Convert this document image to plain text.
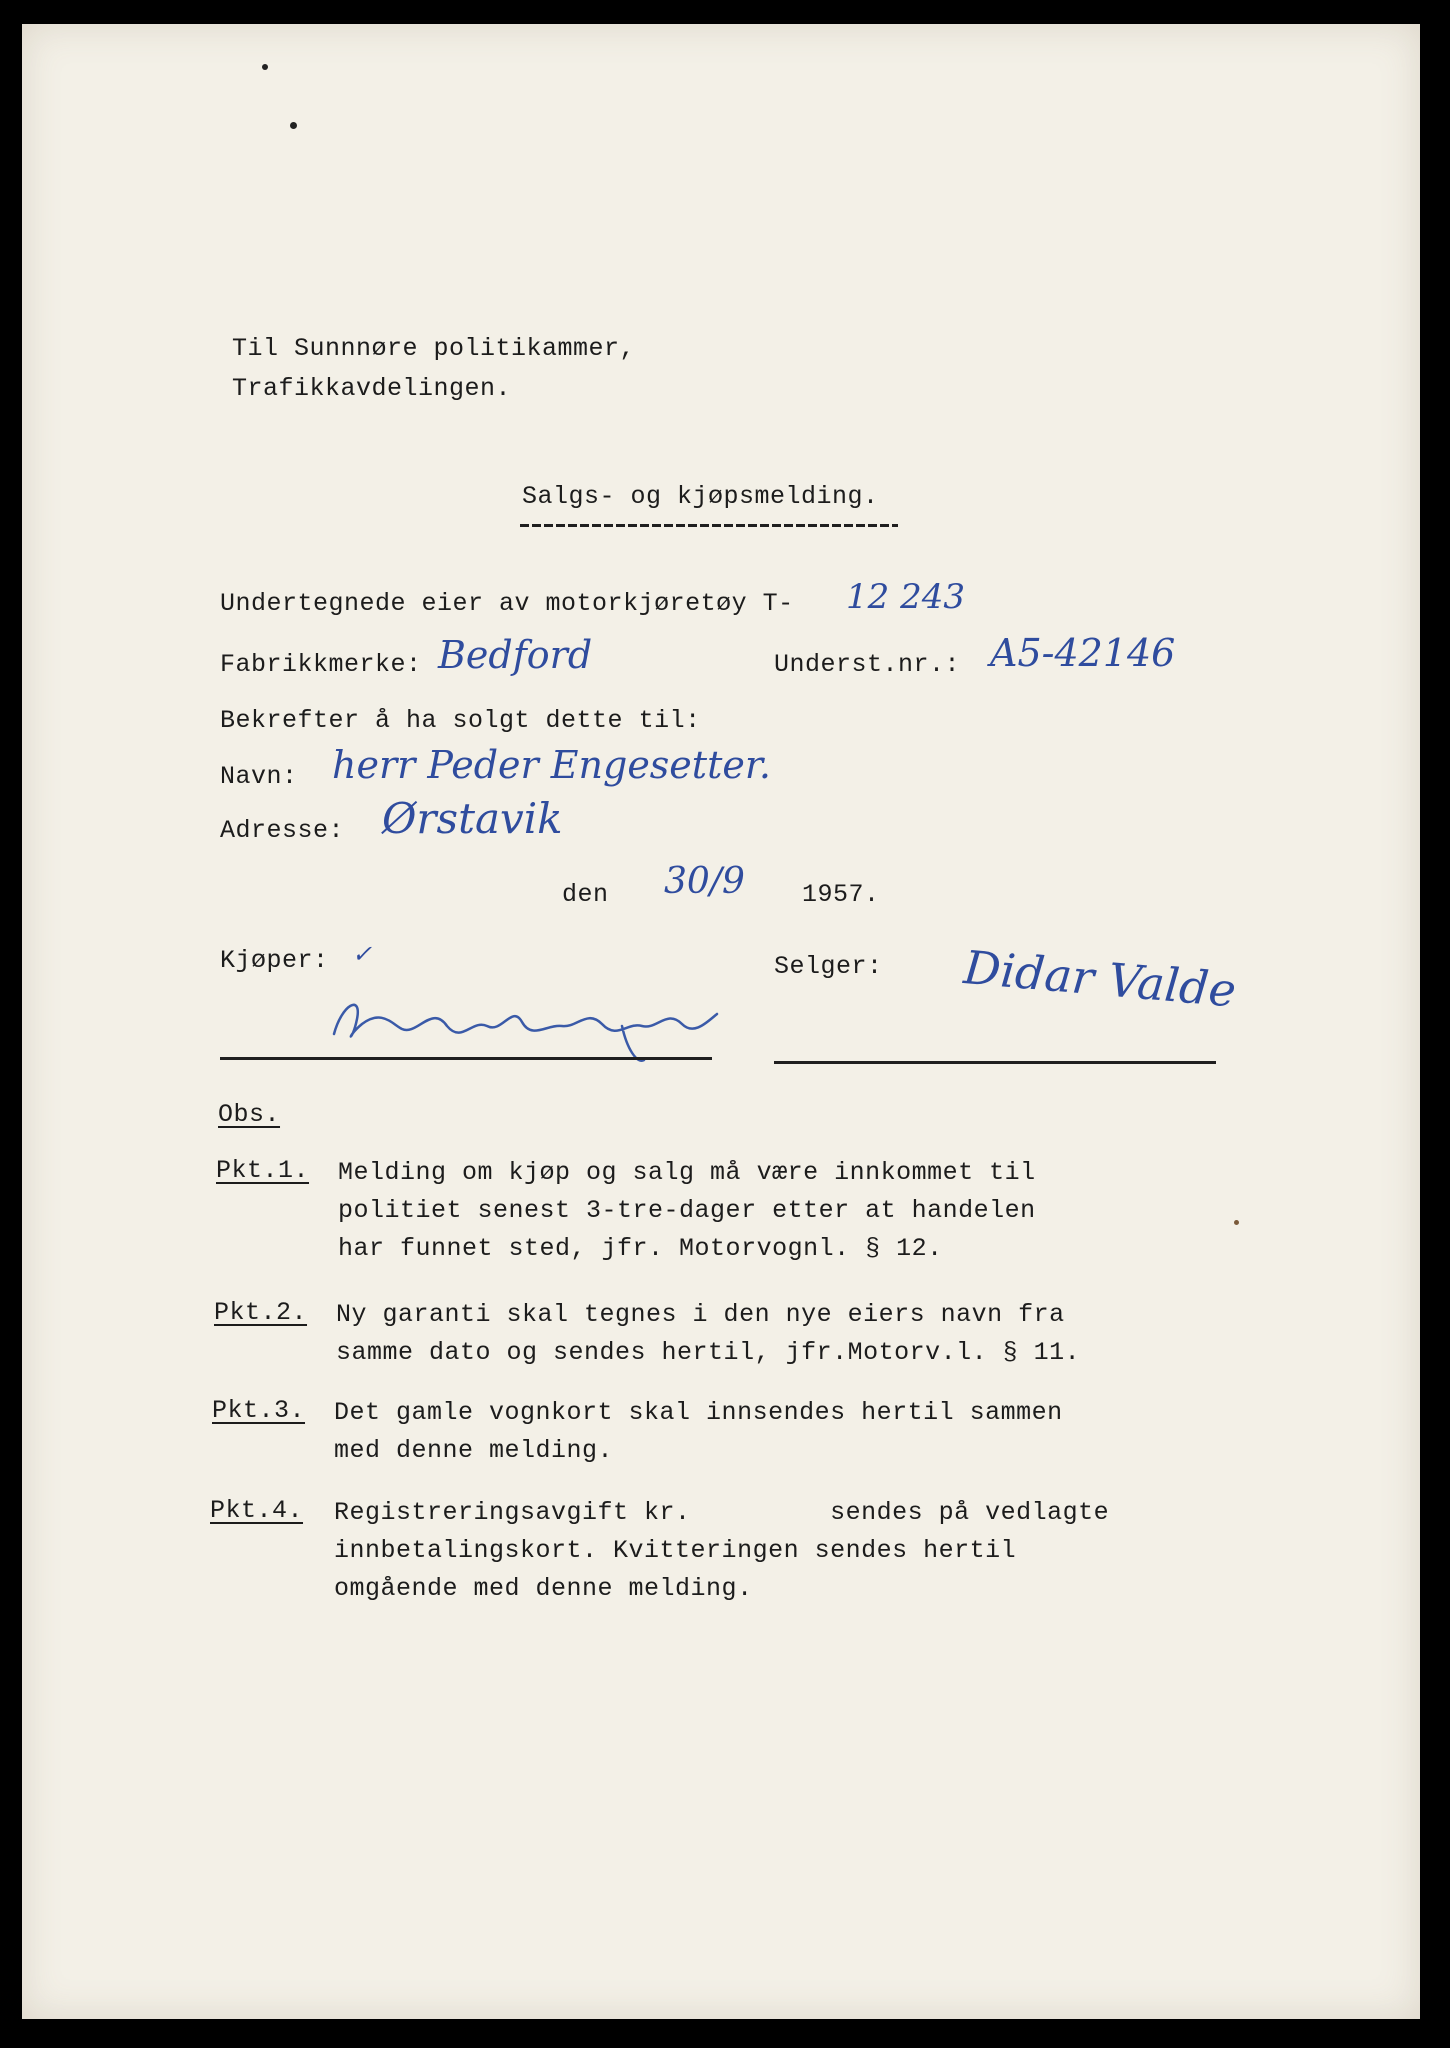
Til Sunnnøre politikammer,
Trafikkavdelingen.
Salgs- og kjøpsmelding.
Undertegnede eier av motorkjøretøy T- 12 243
Fabrikkmerke: Bedford	Underst.nr.: A5-42146
Bekrefter å ha solgt dette til:
Navn: herr Peder Engesetter.
Adresse: Ørstavik
den 30/9 1957.
Kjøper: ✓	Selger: Didar Valde
Obs.
Pkt.1. Melding om kjøp og salg må være innkommet til
politiet senest 3-tre-dager etter at handelen
har funnet sted, jfr. Motorvognl. § 12.
Pkt.2. Ny garanti skal tegnes i den nye eiers navn fra
samme dato og sendes hertil, jfr.Motorv.l. § 11.
Pkt.3. Det gamle vognkort skal innsendes hertil sammen
med denne melding.
Pkt.4. Registreringsavgift kr.         sendes på vedlagte
innbetalingskort. Kvitteringen sendes hertil
omgående med denne melding.
